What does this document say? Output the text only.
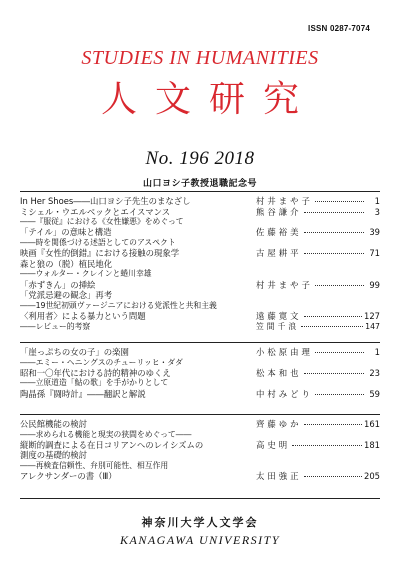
ISSN 0287-7074
STUDIES IN HUMANITIES
人文研究
No. 196 2018
山口ヨシ子教授退職記念号
In Her Shoes――山口ヨシ子先生のまなざし	村井まや子	1
ミシェル・ウエルベックとエイスマンス	熊谷謙介	3
――『服従』における《女性嫌悪》をめぐって
「テイル」の意味と構造	佐藤裕美	39
――時を関係づける述語としてのアスペクト
映画『女性的倒錯』における接触の現象学	古屋耕平	71
森と狼の（脱）植民地化
――ウォルター・クレインと蜷川幸雄
「赤ずきん」の挿絵	村井まや子	99
「党派忌避の観念」再考
――19世紀初頭ヴァージニアにおける党派性と共和主義
〈利用者〉による暴力という問題	遠藤寛文	127
――レビュー的考察	笠間千浪	147
「崖っぷちの女の子」の楽園	小松原由理	1
――エミー・ヘニングスのチューリッヒ・ダダ
昭和一〇年代における詩的精神のゆくえ	松本和也	23
――立原道造「鮎の歌」を手がかりとして
陶晶孫『闘時計』――翻訳と解説	中村みどり	59
公民館機能の検討	齊藤ゆか	161
――求められる機能と現実の狭間をめぐって――
縦断的調査による在日コリアンへのレイシズムの	高史明	181
測度の基礎的検討
――再検査信頼性、弁別可能性、相互作用
アレクサンダーの書（Ⅲ）	太田強正	205
神奈川大学人文学会
KANAGAWA UNIVERSITY
